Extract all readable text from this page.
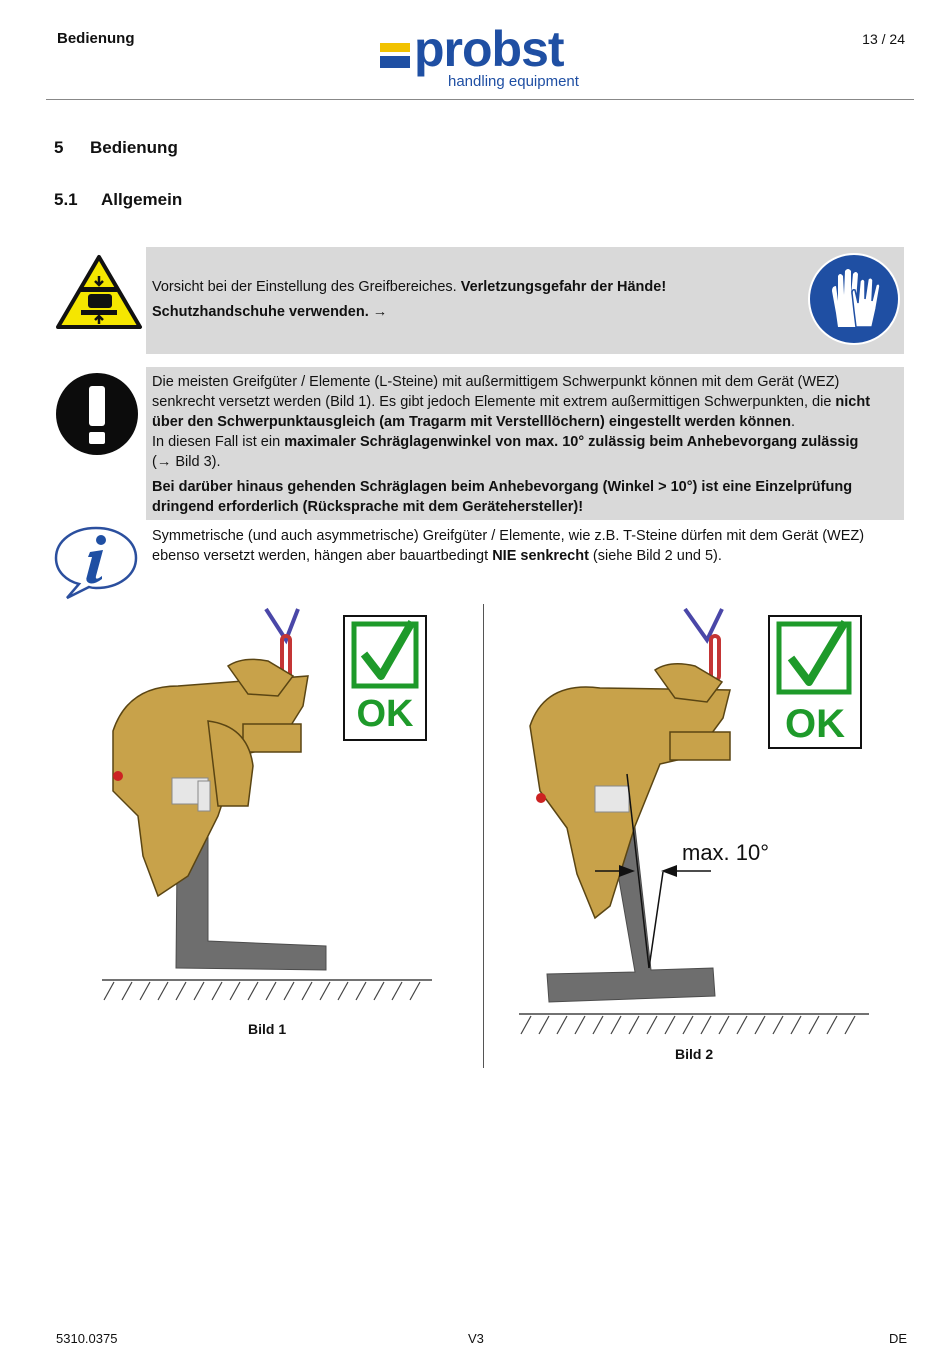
Bedienung	13 / 24
probst
handling equipment
5 Bedienung
5.1 Allgemein
Vorsicht bei der Einstellung des Greifbereiches. Verletzungsgefahr der Hände!
Schutzhandschuhe verwenden. →
Die meisten Greifgüter / Elemente (L-Steine) mit außermittigem Schwerpunkt können mit dem Gerät (WEZ) senkrecht versetzt werden (Bild 1). Es gibt jedoch Elemente mit extrem außermittigen Schwerpunkten, die nicht über den Schwerpunktausgleich (am Tragarm mit Verstelllöchern) eingestellt werden können.
In diesen Fall ist ein maximaler Schräglagenwinkel von max. 10° zulässig beim Anhebevorgang zulässig
(→ Bild 3).
Bei darüber hinaus gehenden Schräglagen beim Anhebevorgang (Winkel > 10°) ist eine Einzelprüfung dringend erforderlich (Rücksprache mit dem Gerätehersteller)!
Symmetrische (und auch asymmetrische) Greifgüter / Elemente, wie z.B. T-Steine dürfen mit dem Gerät (WEZ) ebenso versetzt werden, hängen aber bauartbedingt NIE senkrecht (siehe Bild 2 und 5).
OK
Bild 1
OK
max. 10°
Bild 2
5310.0375	V3	DE
